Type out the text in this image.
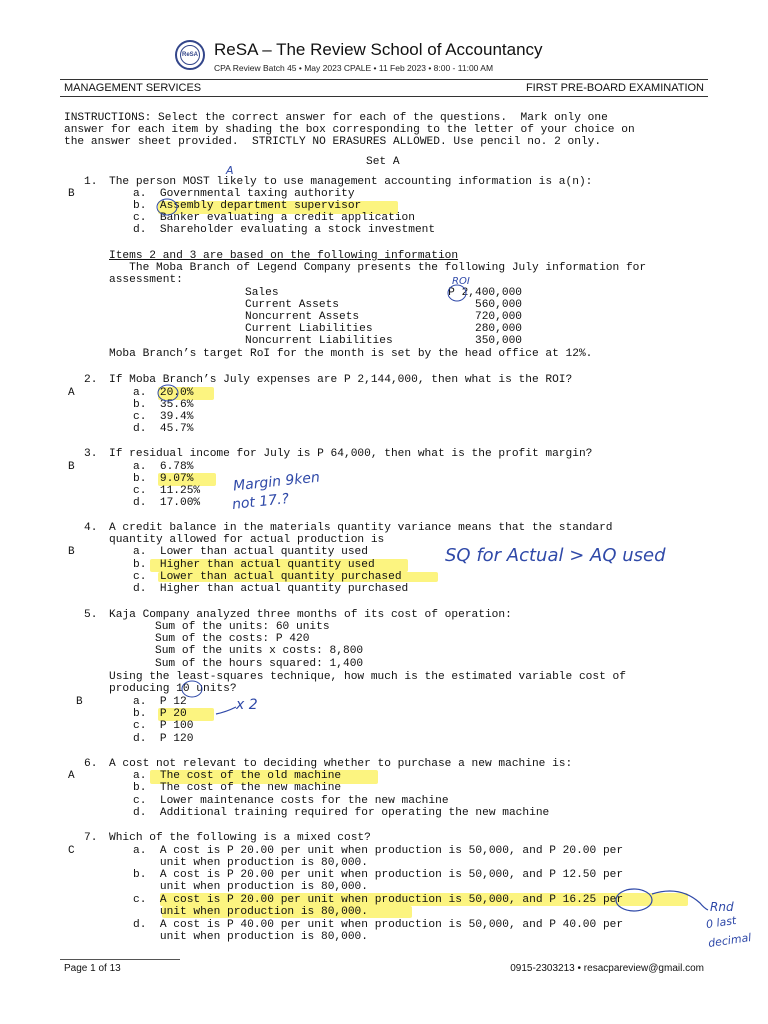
ReSA ReSA – The Review School of Accountancy
CPA Review Batch 45 • May 2023 CPALE • 11 Feb 2023 • 8:00 - 11:00 AM
MANAGEMENT SERVICES	FIRST PRE-BOARD EXAMINATION
INSTRUCTIONS: Select the correct answer for each of the questions.  Mark only one
answer for each item by shading the box corresponding to the letter of your choice on
the answer sheet provided.  STRICTLY NO ERASURES ALLOWED. Use pencil no. 2 only.
Set A
1. The person MOST likely to use management accounting information is a(n):
B	a.  Governmental taxing authority
b.  Assembly department supervisor
c.  Banker evaluating a credit application
d.  Shareholder evaluating a stock investment
Items 2 and 3 are based on the following information
The Moba Branch of Legend Company presents the following July information for
assessment:
Sales	P 2,400,000
Current Assets	560,000
Noncurrent Assets	720,000
Current Liabilities	280,000
Noncurrent Liabilities	350,000
Moba Branch’s target RoI for the month is set by the head office at 12%.
2. If Moba Branch’s July expenses are P 2,144,000, then what is the ROI?
A	a.  20.0%
b.  35.6%
c.  39.4%
d.  45.7%
3. If residual income for July is P 64,000, then what is the profit margin?
B	a.  6.78%
b.  9.07%
c.  11.25%
d.  17.00%
4. A credit balance in the materials quantity variance means that the standard
quantity allowed for actual production is
B	a.  Lower than actual quantity used
b.  Higher than actual quantity used
c.  Lower than actual quantity purchased
d.  Higher than actual quantity purchased
5. Kaja Company analyzed three months of its cost of operation:
Sum of the units: 60 units
Sum of the costs: P 420
Sum of the units x costs: 8,800
Sum of the hours squared: 1,400
Using the least-squares technique, how much is the estimated variable cost of
producing 10 units?
B	a.  P 12
b.  P 20
c.  P 100
d.  P 120
6. A cost not relevant to deciding whether to purchase a new machine is:
A	a.  The cost of the old machine
b.  The cost of the new machine
c.  Lower maintenance costs for the new machine
d.  Additional training required for operating the new machine
7. Which of the following is a mixed cost?
C	a.  A cost is P 20.00 per unit when production is 50,000, and P 20.00 per
unit when production is 80,000.
b.  A cost is P 20.00 per unit when production is 50,000, and P 12.50 per
unit when production is 80,000.
c.  A cost is P 20.00 per unit when production is 50,000, and P 16.25 per
unit when production is 80,000.
d.  A cost is P 40.00 per unit when production is 50,000, and P 40.00 per
unit when production is 80,000.
A
ROI
Margin 9ken
not 17.?
SQ for Actual > AQ used
x 2
Rnd
0 last
decimal
Page 1 of 13	0915-2303213 • resacpareview@gmail.com
